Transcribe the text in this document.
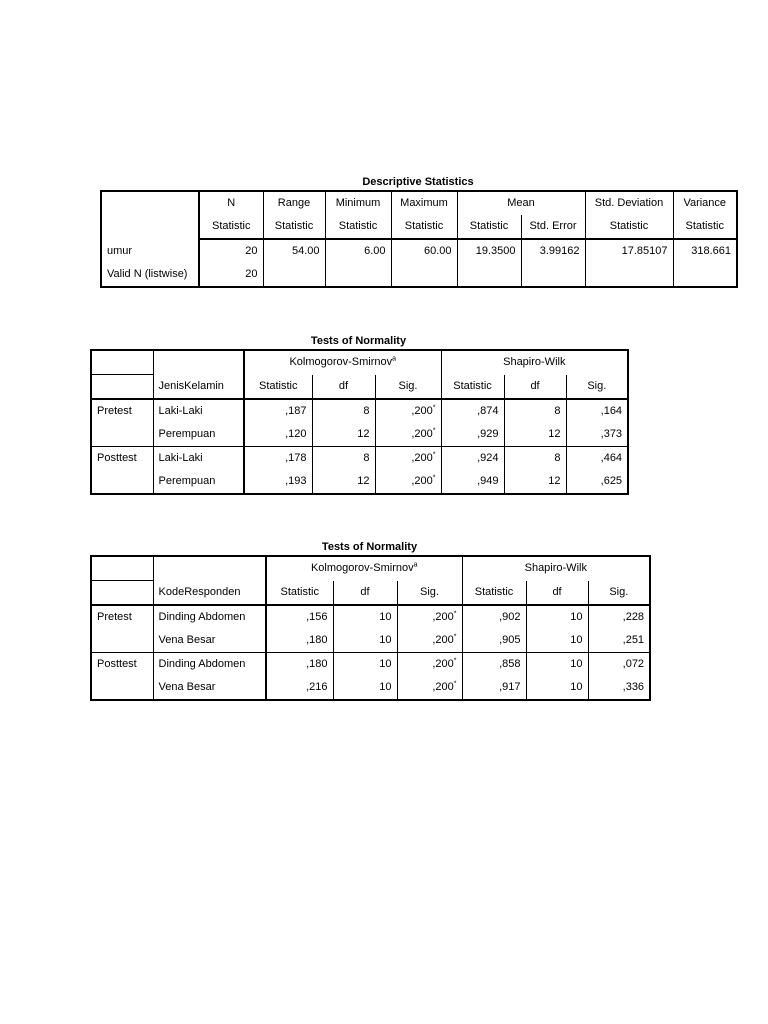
Descriptive Statistics
	N	Range	Minimum	Maximum	Mean		Std. Deviation	Variance
	Statistic	Statistic	Statistic	Statistic	Statistic	Std. Error	Statistic	Statistic
umur	20	54.00	6.00	60.00	19.3500	3.99162	17.85107	318.661
Valid N (listwise)	20							
Tests of Normality
		Kolmogorov-Smirnov$^a$			Shapiro-Wilk		
	JenisKelamin	Statistic	df	Sig.	Statistic	df	Sig.
Pretest	Laki-Laki	,187	8	,200*	,874	8	,164
	Perempuan	,120	12	,200*	,929	12	,373
Posttest	Laki-Laki	,178	8	,200*	,924	8	,464
	Perempuan	,193	12	,200*	,949	12	,625
Tests of Normality
		Kolmogorov-Smirnov$^a$			Shapiro-Wilk		
	KodeResponden	Statistic	df	Sig.	Statistic	df	Sig.
Pretest	Dinding Abdomen	,156	10	,200*	,902	10	,228
	Vena Besar	,180	10	,200*	,905	10	,251
Posttest	Dinding Abdomen	,180	10	,200*	,858	10	,072
	Vena Besar	,216	10	,200*	,917	10	,336
